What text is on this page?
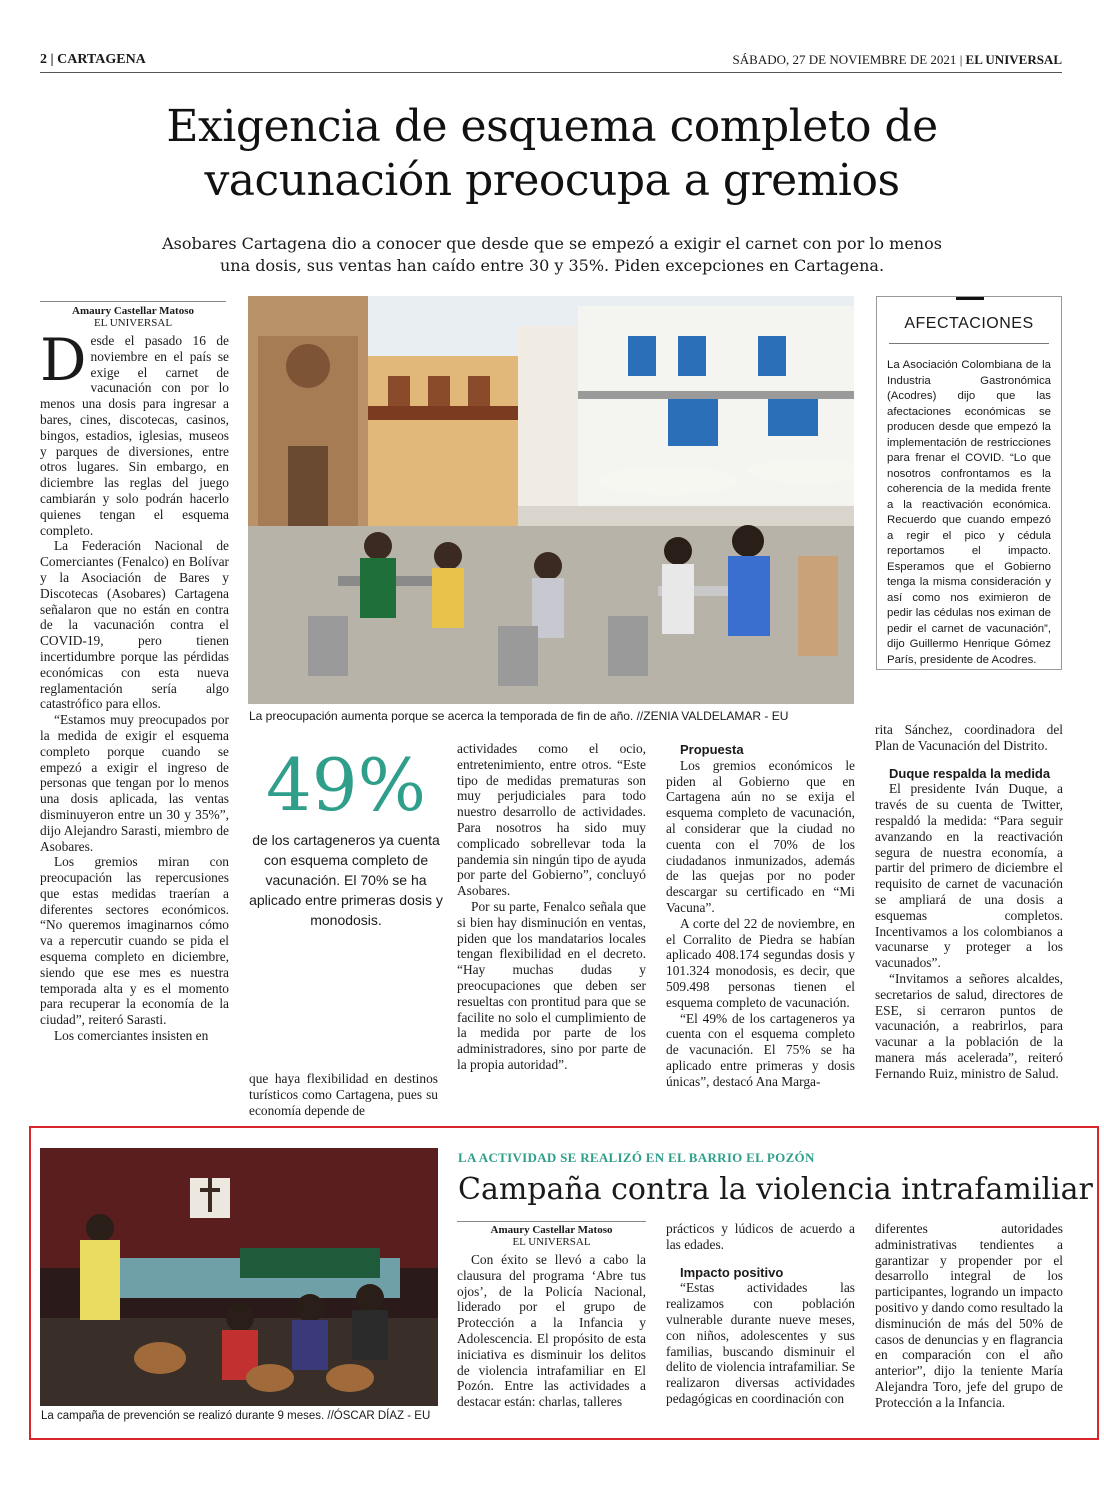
2 | CARTAGENA	SÁBADO, 27 DE NOVIEMBRE DE 2021 | EL UNIVERSAL
Exigencia de esquema completo de
vacunación preocupa a gremios
Asobares Cartagena dio a conocer que desde que se empezó a exigir el carnet con por lo menos
una dosis, sus ventas han caído entre 30 y 35%. Piden excepciones en Cartagena.
Amaury Castellar Matoso
EL UNIVERSAL
D esde el pasado 16 de noviembre en el país se exige el carnet de vacunación con por lo menos una dosis para ingresar a bares, cines, discotecas, casinos, bingos, estadios, iglesias, museos y parques de diversiones, entre otros lugares. Sin embargo, en diciembre las reglas del juego cambiarán y solo podrán hacerlo quienes tengan el esquema completo.

La Federación Nacional de Comerciantes (Fenalco) en Bolívar y la Asociación de Bares y Discotecas (Asobares) Cartagena señalaron que no están en contra de la vacunación contra el COVID-19, pero tienen incertidumbre porque las pérdidas económicas con esta nueva reglamentación sería algo catastrófico para ellos.

“Estamos muy preocupados por la medida de exigir el esquema completo porque cuando se empezó a exigir el ingreso de personas que tengan por lo menos una dosis aplicada, las ventas disminuyeron entre un 30 y 35%”, dijo Alejandro Sarasti, miembro de Asobares.

Los gremios miran con preocupación las repercusiones que estas medidas traerían a diferentes sectores económicos. “No queremos imaginarnos cómo va a repercutir cuando se pida el esquema completo en diciembre, siendo que ese mes es nuestra temporada alta y es el momento para recuperar la economía de la ciudad”, reiteró Sarasti.

Los comerciantes insisten en

La preocupación aumenta porque se acerca la temporada de fin de año. //ZENIA VALDELAMAR - EU
AFECTACIONES
La Asociación Colombiana de la Industria Gastronómica (Acodres) dijo que las afectaciones económicas se producen desde que empezó la implementación de restricciones para frenar el COVID. “Lo que nosotros confrontamos es la coherencia de la medida frente a la reactivación económica. Recuerdo que cuando empezó a regir el pico y cédula reportamos el impacto. Esperamos que el Gobierno tenga la misma consideración y así como nos eximieron de pedir las cédulas nos eximan de pedir el carnet de vacunación”, dijo Guillermo Henrique Gómez París, presidente de Acodres.
49%
de los cartageneros ya cuenta con esquema completo de vacunación. El 70% se ha aplicado entre primeras dosis y monodosis.

que haya flexibilidad en destinos turísticos como Cartagena, pues su economía depende de

actividades como el ocio, entretenimiento, entre otros. “Este tipo de medidas prematuras son muy perjudiciales para todo nuestro desarrollo de actividades. Para nosotros ha sido muy complicado sobrellevar toda la pandemia sin ningún tipo de ayuda por parte del Gobierno”, concluyó Asobares.

Por su parte, Fenalco señala que si bien hay disminución en ventas, piden que los mandatarios locales tengan flexibilidad en el decreto. “Hay muchas dudas y preocupaciones que deben ser resueltas con prontitud para que se facilite no solo el cumplimiento de la medida por parte de los administradores, sino por parte de la propia autoridad”.

Propuesta

Los gremios económicos le piden al Gobierno que en Cartagena aún no se exija el esquema completo de vacunación, al considerar que la ciudad no cuenta con el 70% de los ciudadanos inmunizados, además de las quejas por no poder descargar su certificado en “Mi Vacuna”.

A corte del 22 de noviembre, en el Corralito de Piedra se habían aplicado 408.174 segundas dosis y 101.324 monodosis, es decir, que 509.498 personas tienen el esquema completo de vacunación.

“El 49% de los cartageneros ya cuenta con el esquema completo de vacunación. El 75% se ha aplicado entre primeras y dosis únicas”, destacó Ana Marga-

rita Sánchez, coordinadora del Plan de Vacunación del Distrito.

Duque respalda la medida

El presidente Iván Duque, a través de su cuenta de Twitter, respaldó la medida: “Para seguir avanzando en la reactivación segura de nuestra economía, a partir del primero de diciembre el requisito de carnet de vacunación se ampliará de una dosis a esquemas completos. Incentivamos a los colombianos a vacunarse y proteger a los vacunados”.

“Invitamos a señores alcaldes, secretarios de salud, directores de ESE, si cerraron puntos de vacunación, a reabrirlos, para vacunar a la población de la manera más acelerada”, reiteró Fernando Ruiz, ministro de Salud.

La campaña de prevención se realizó durante 9 meses. //ÓSCAR DÍAZ - EU
LA ACTIVIDAD SE REALIZÓ EN EL BARRIO EL POZÓN
Campaña contra la violencia intrafamiliar
Amaury Castellar Matoso
EL UNIVERSAL

Con éxito se llevó a cabo la clausura del programa ‘Abre tus ojos’, de la Policía Nacional, liderado por el grupo de Protección a la Infancia y Adolescencia. El propósito de esta iniciativa es disminuir los delitos de violencia intrafamiliar en El Pozón. Entre las actividades a destacar están: charlas, talleres

prácticos y lúdicos de acuerdo a las edades.

Impacto positivo

“Estas actividades las realizamos con población vulnerable durante nueve meses, con niños, adolescentes y sus familias, buscando disminuir el delito de violencia intrafamiliar. Se realizaron diversas actividades pedagógicas en coordinación con

diferentes autoridades administrativas tendientes a garantizar y propender por el desarrollo integral de los participantes, logrando un impacto positivo y dando como resultado la disminución de más del 50% de casos de denuncias y en flagrancia en comparación con el año anterior”, dijo la teniente María Alejandra Toro, jefe del grupo de Protección a la Infancia.
